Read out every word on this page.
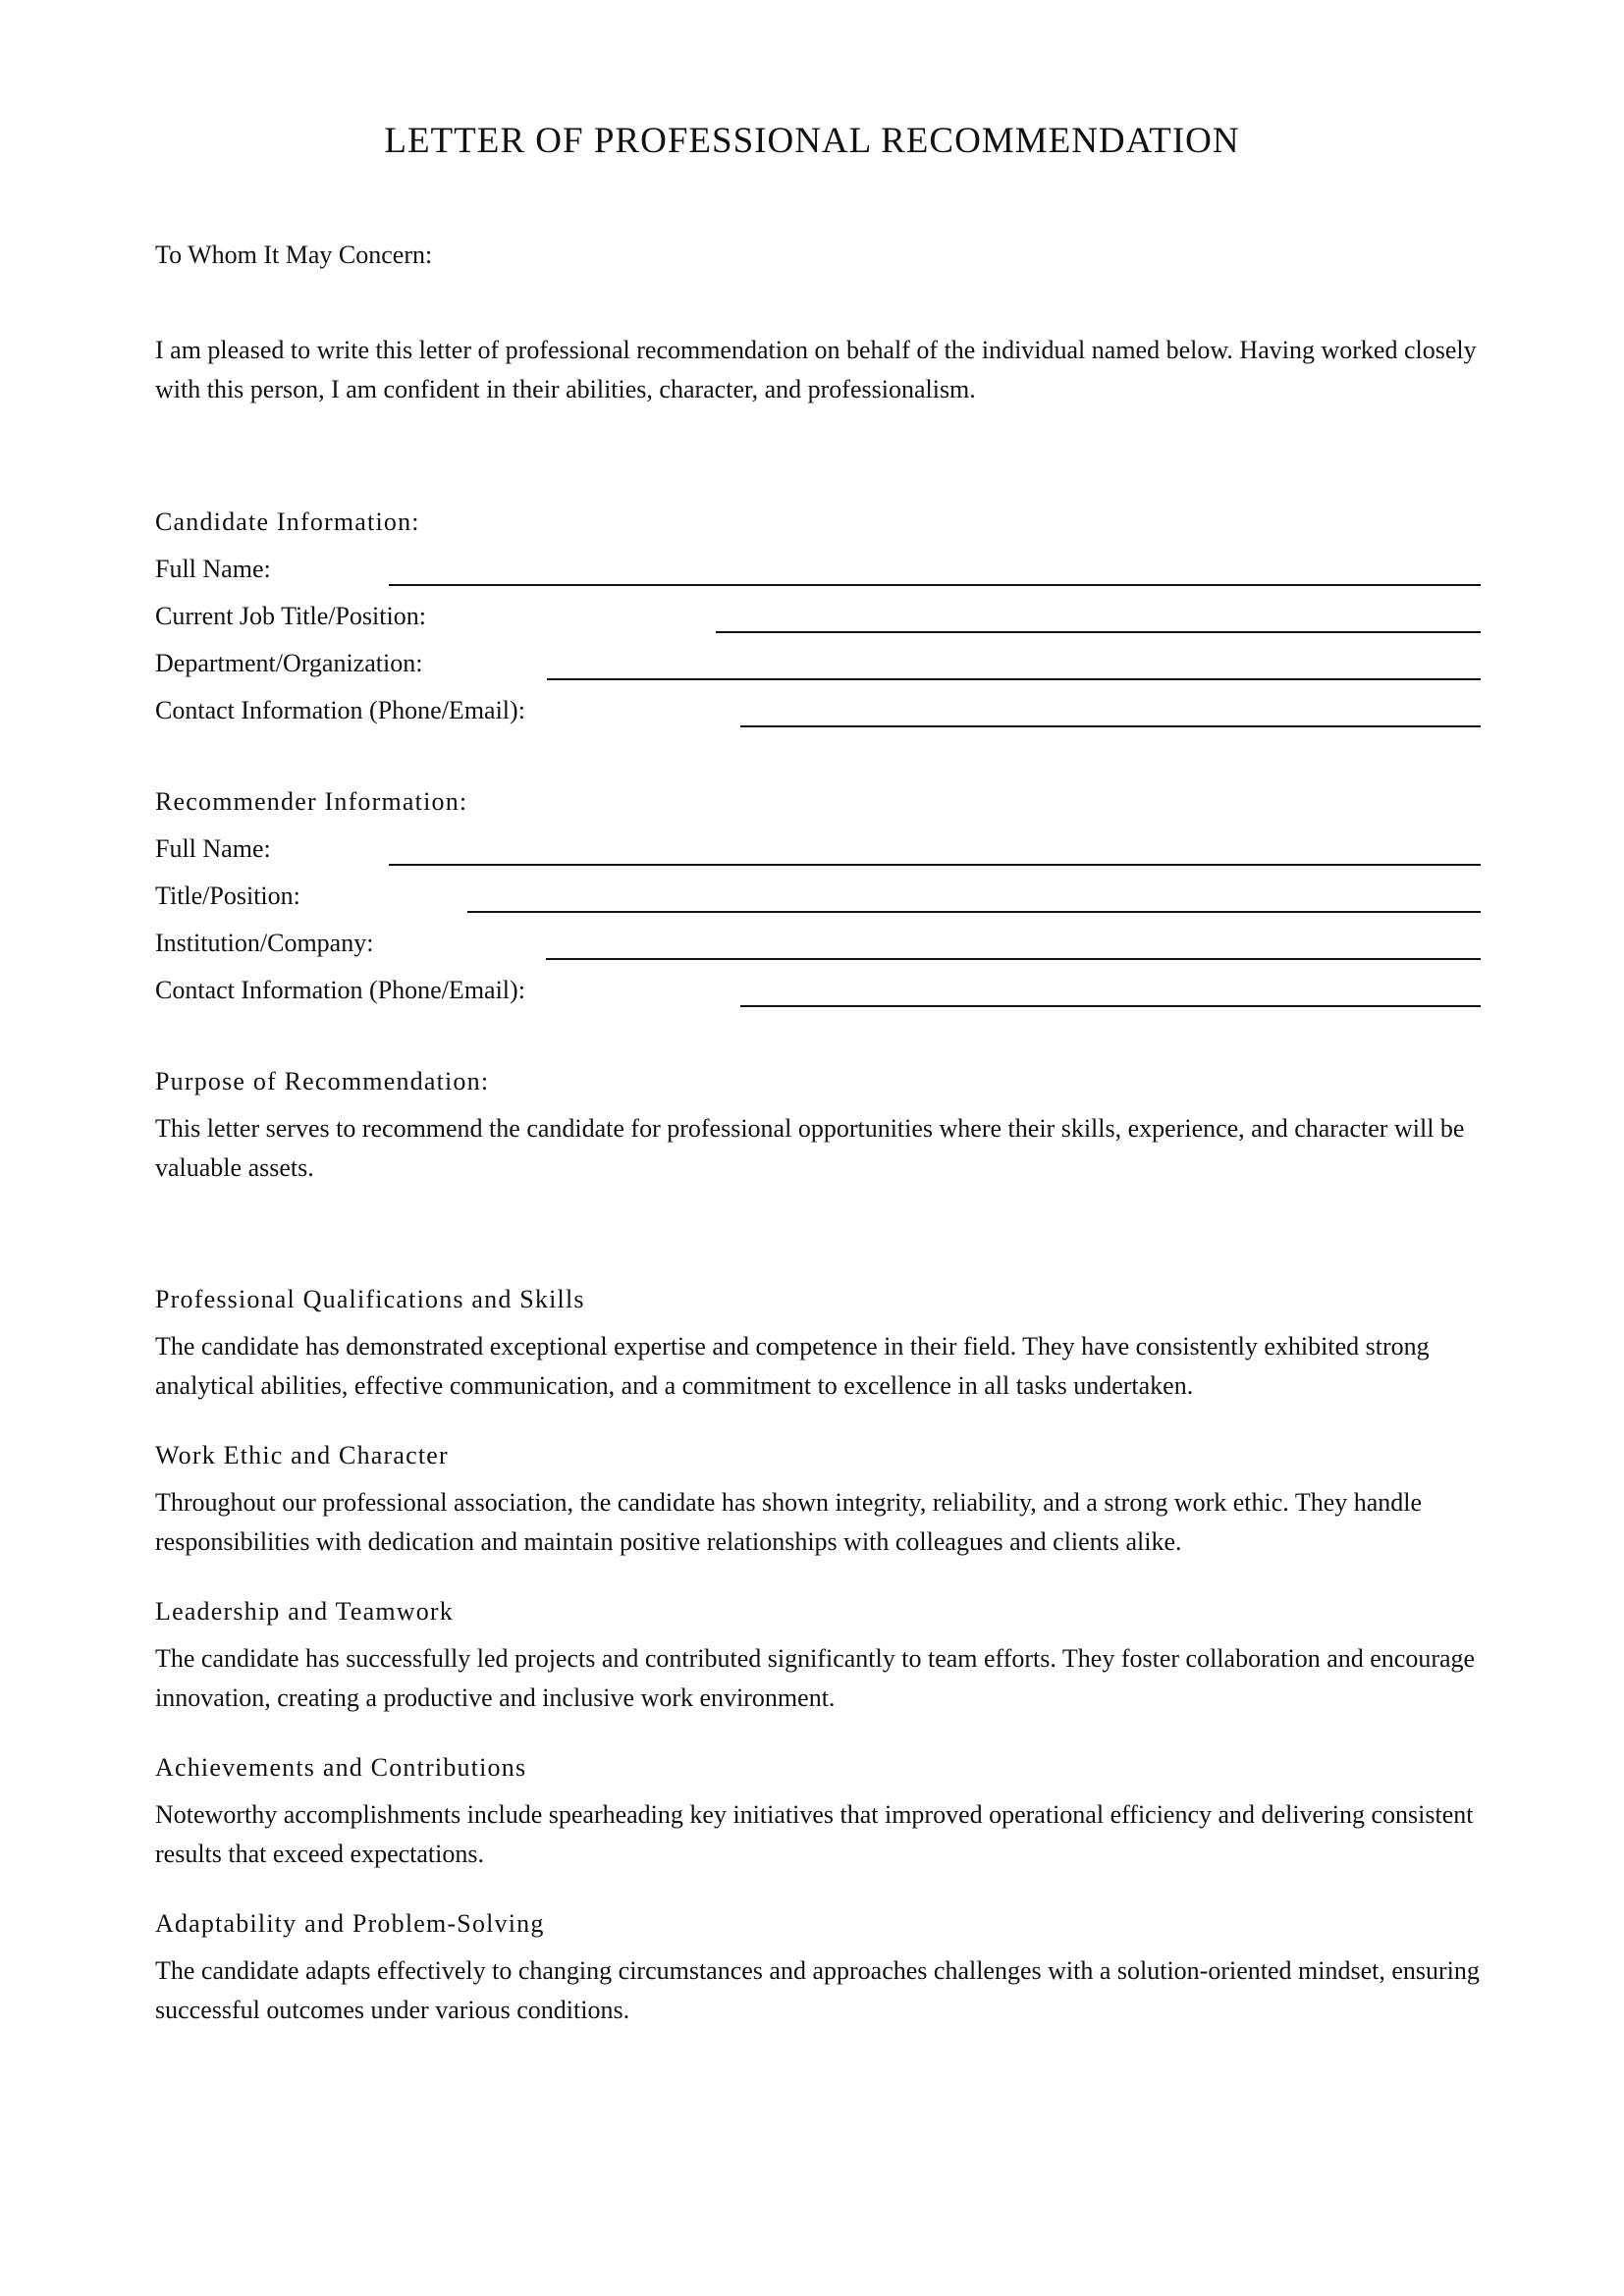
LETTER OF PROFESSIONAL RECOMMENDATION

To Whom It May Concern:

I am pleased to write this letter of professional recommendation on behalf of the individual named below. Having worked closely with this person, I am confident in their abilities, character, and professionalism.

Candidate Information:
Full Name:
Current Job Title/Position:
Department/Organization:
Contact Information (Phone/Email):
Recommender Information:
Full Name:
Title/Position:
Institution/Company:
Contact Information (Phone/Email):
Purpose of Recommendation:

This letter serves to recommend the candidate for professional opportunities where their skills, experience, and character will be valuable assets.

Professional Qualifications and Skills

The candidate has demonstrated exceptional expertise and competence in their field. They have consistently exhibited strong analytical abilities, effective communication, and a commitment to excellence in all tasks undertaken.

Work Ethic and Character

Throughout our professional association, the candidate has shown integrity, reliability, and a strong work ethic. They handle responsibilities with dedication and maintain positive relationships with colleagues and clients alike.

Leadership and Teamwork

The candidate has successfully led projects and contributed significantly to team efforts. They foster collaboration and encourage innovation, creating a productive and inclusive work environment.

Achievements and Contributions

Noteworthy accomplishments include spearheading key initiatives that improved operational efficiency and delivering consistent results that exceed expectations.

Adaptability and Problem-Solving

The candidate adapts effectively to changing circumstances and approaches challenges with a solution-oriented mindset, ensuring successful outcomes under various conditions.
